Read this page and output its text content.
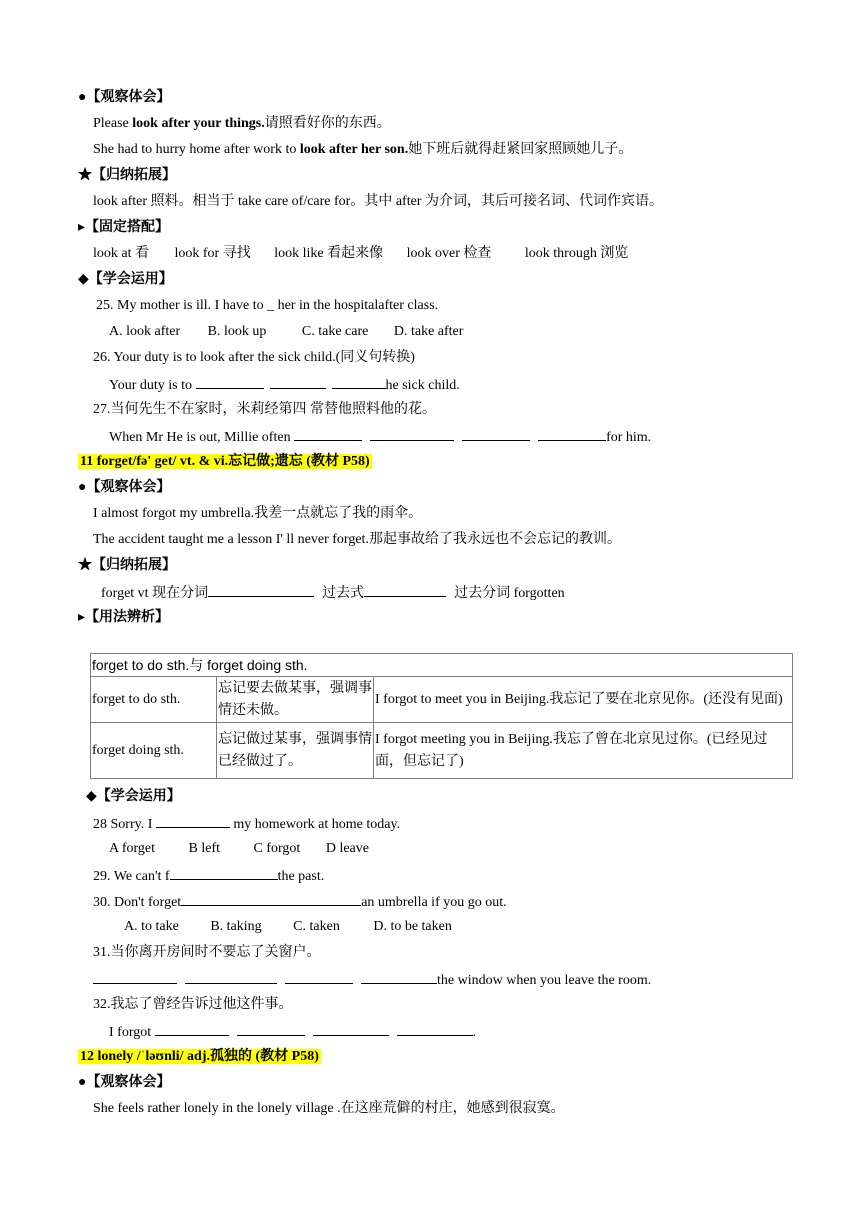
●【观察体会】
Please look after your things.请照看好你的东西。
She had to hurry home after work to look after her son.她下班后就得赶紧回家照顾她儿子。
★【归纳拓展】
look after 照料。相当于 take care of/care for。其中 after 为介词，其后可接名词、代词作宾语。
▸【固定搭配】
look at 看 look for 寻找 look like 看起来像 look over 检查 look through 浏览
◆【学会运用】
25. My mother is ill. I have to _ her in the hospitalafter class.
A. look after B. look up	C. take care D. take after
26. Your duty is to look after the sick child.(同义句转换)
Your duty is to	he sick child.
27.当何先生不在家时，米莉经第四 常替他照料他的花。
When Mr He is out, Millie often	for him.
11 forget/fə' get/ vt. & vi.忘记做;遗忘 (教材 P58)
●【观察体会】
I almost forgot my umbrella.我差一点就忘了我的雨伞。
The accident taught me a lesson I' ll never forget.那起事故给了我永远也不会忘记的教训。
★【归纳拓展】
forget vt 现在分词	过去式	过去分词 forgotten
▸【用法辨析】
forget to do sth.与 forget doing sth.		
forget to do sth.	忘记要去做某事，强调事情还未做。	I forgot to meet you in Beijing.我忘记了要在北京见你。(还没有见面)
forget doing sth.	忘记做过某事，强调事情已经做过了。	I forgot meeting you in Beijing.我忘了曾在北京见过你。(已经见过面，但忘记了)
◆【学会运用】
28 Sorry. I	my homework at home today.
A forget B left C forgot D leave
29. We can't f	the past.
30. Don't forget	an umbrella if you go out.
A. to take B. taking C. taken D. to be taken
31.当你离开房间时不要忘了关窗户。
the window when you leave the room.
32.我忘了曾经告诉过他这件事。
I forgot	.
12 lonely /ˈləʊnli/ adj.孤独的 (教材 P58)
●【观察体会】
She feels rather lonely in the lonely village .在这座荒僻的村庄，她感到很寂寞。
